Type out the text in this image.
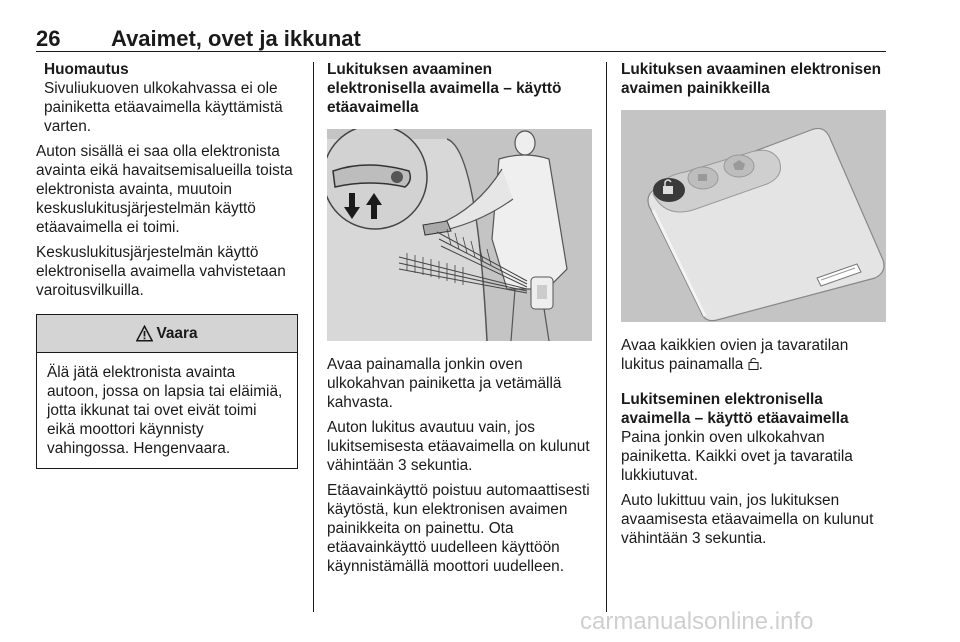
26 Avaimet, ovet ja ikkunat
Huomautus
Sivuliukuoven ulkokahvassa ei ole painiketta etäavaimella käyttämistä varten.

Auton sisällä ei saa olla elektronista avainta eikä havaitsemisalueilla toista elektronista avainta, muutoin keskuslukitusjärjestelmän käyttö etäavaimella ei toimi.

Keskuslukitusjärjestelmän käyttö elektronisella avaimella vahvistetaan varoitusvilkuilla.

Vaara
Älä jätä elektronista avainta autoon, jossa on lapsia tai eläimiä, jotta ikkunat tai ovet eivät toimi eikä moottori käynnisty vahingossa. Hengenvaara.
Lukituksen avaaminen elektronisella avaimella – käyttö etäavaimella

Avaa painamalla jonkin oven ulkokahvan painiketta ja vetämällä kahvasta.

Auton lukitus avautuu vain, jos lukitsemisesta etäavaimella on kulunut vähintään 3 sekuntia.

Etäavainkäyttö poistuu automaattisesti käytöstä, kun elektronisen avaimen painikkeita on painettu. Ota etäavainkäyttö uudelleen käyttöön käynnistämällä moottori uudelleen.

Lukituksen avaaminen elektronisen avaimen painikkeilla

Avaa kaikkien ovien ja tavaratilan lukitus painamalla .

Lukitseminen elektronisella avaimella – käyttö etäavaimella

Paina jonkin oven ulkokahvan painiketta. Kaikki ovet ja tavaratila lukkiutuvat.

Auto lukittuu vain, jos lukituksen avaamisesta etäavaimella on kulunut vähintään 3 sekuntia.

carmanualsonline.info
